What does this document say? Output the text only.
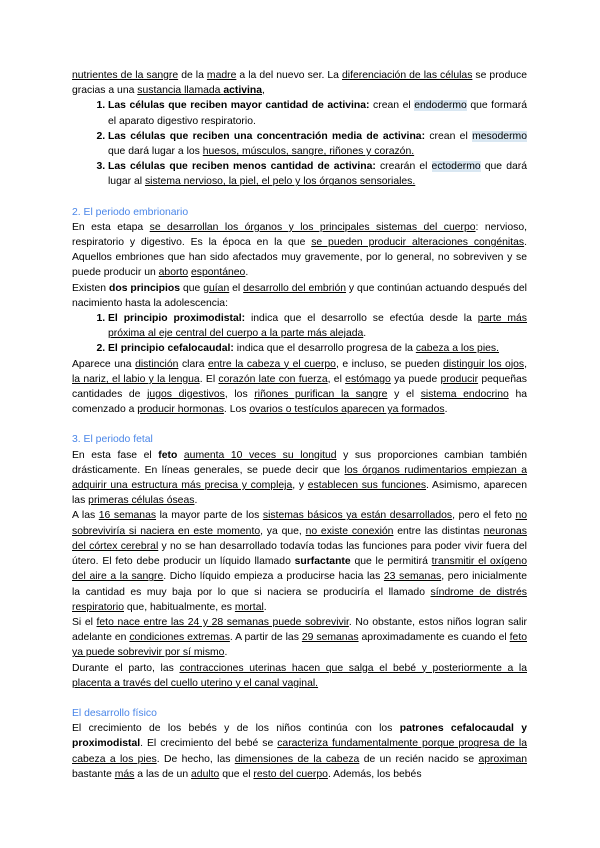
nutrientes de la sangre de la madre a la del nuevo ser. La diferenciación de las células se produce gracias a una sustancia llamada activina,

1. Las células que reciben mayor cantidad de activina: crean el endodermo que formará el aparato digestivo respiratorio.
2. Las células que reciben una concentración media de activina: crean el mesodermo que dará lugar a los huesos, músculos, sangre, riñones y corazón.
3. Las células que reciben menos cantidad de activina: crearán el ectodermo que dará lugar al sistema nervioso, la piel, el pelo y los órganos sensoriales.

2. El periodo embrionario

En esta etapa se desarrollan los órganos y los principales sistemas del cuerpo: nervioso, respiratorio y digestivo. Es la época en la que se pueden producir alteraciones congénitas. Aquellos embriones que han sido afectados muy gravemente, por lo general, no sobreviven y se puede producir un aborto espontáneo.

Existen dos principios que guían el desarrollo del embrión y que continúan actuando después del nacimiento hasta la adolescencia:

1. El principio proximodistal: indica que el desarrollo se efectúa desde la parte más próxima al eje central del cuerpo a la parte más alejada.
2. El principio cefalocaudal: indica que el desarrollo progresa de la cabeza a los pies.

Aparece una distinción clara entre la cabeza y el cuerpo, e incluso, se pueden distinguir los ojos, la nariz, el labio y la lengua. El corazón late con fuerza, el estómago ya puede producir pequeñas cantidades de jugos digestivos, los riñones purifican la sangre y el sistema endocrino ha comenzado a producir hormonas. Los ovarios o testículos aparecen ya formados.

3. El periodo fetal

En esta fase el feto aumenta 10 veces su longitud y sus proporciones cambian también drásticamente. En líneas generales, se puede decir que los órganos rudimentarios empiezan a adquirir una estructura más precisa y compleja, y establecen sus funciones. Asimismo, aparecen las primeras células óseas.

A las 16 semanas la mayor parte de los sistemas básicos ya están desarrollados, pero el feto no sobreviviría si naciera en este momento, ya que, no existe conexión entre las distintas neuronas del córtex cerebral y no se han desarrollado todavía todas las funciones para poder vivir fuera del útero. El feto debe producir un líquido llamado surfactante que le permitirá transmitir el oxígeno del aire a la sangre. Dicho líquido empieza a producirse hacia las 23 semanas, pero inicialmente la cantidad es muy baja por lo que si naciera se produciría el llamado síndrome de distrés respiratorio que, habitualmente, es mortal.

Si el feto nace entre las 24 y 28 semanas puede sobrevivir. No obstante, estos niños logran salir adelante en condiciones extremas. A partir de las 29 semanas aproximadamente es cuando el feto ya puede sobrevivir por sí mismo.

Durante el parto, las contracciones uterinas hacen que salga el bebé y posteriormente a la placenta a través del cuello uterino y el canal vaginal.

El desarrollo físico

El crecimiento de los bebés y de los niños continúa con los patrones cefalocaudal y proximodistal. El crecimiento del bebé se caracteriza fundamentalmente porque progresa de la cabeza a los pies. De hecho, las dimensiones de la cabeza de un recién nacido se aproximan bastante más a las de un adulto que el resto del cuerpo. Además, los bebés
